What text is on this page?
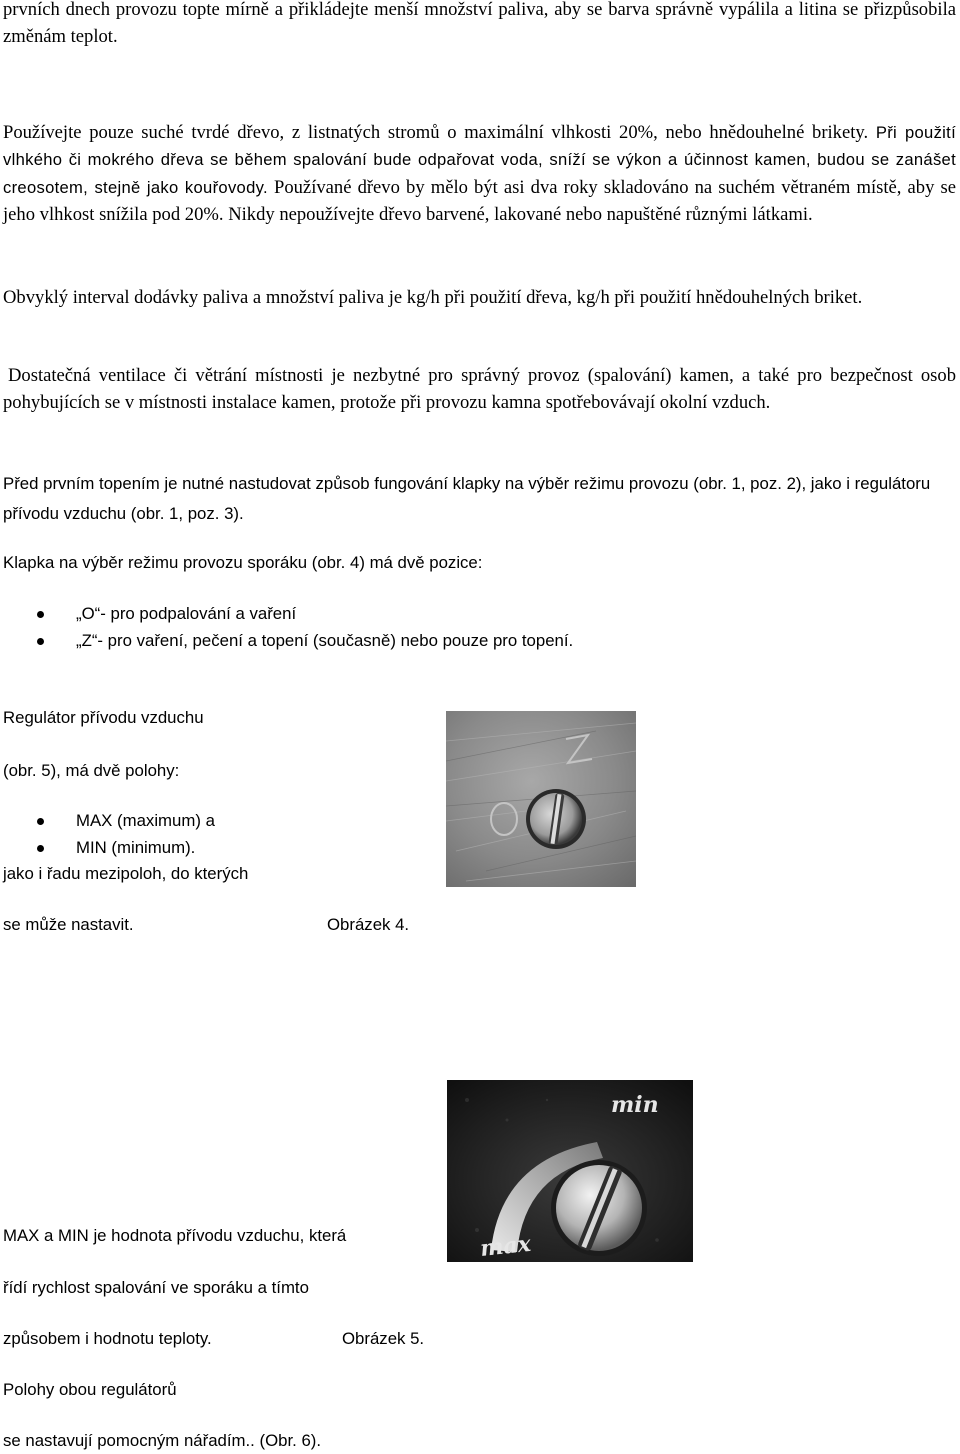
prvních dnech provozu topte mírně a přikládejte menší množství paliva, aby se barva správně vypálila a litina se přizpůsobila změnám teplot.

Používejte pouze suché tvrdé dřevo, z listnatých stromů o maximální vlhkosti 20%, nebo hnědouhelné brikety. Při použití vlhkého či mokrého dřeva se během spalování bude odpařovat voda, sníží se výkon a účinnost kamen, budou se zanášet creosotem, stejně jako kouřovody. Používané dřevo by mělo být asi dva roky skladováno na suchém větraném místě, aby se jeho vlhkost snížila pod 20%. Nikdy nepoužívejte dřevo barvené, lakované nebo napuštěné různými látkami.

Obvyklý interval dodávky paliva a množství paliva je kg/h při použití dřeva, kg/h při použití hnědouhelných briket.

Dostatečná ventilace či větrání místnosti je nezbytné pro správný provoz (spalování) kamen, a také pro bezpečnost osob pohybujících se v místnosti instalace kamen, protože při provozu kamna spotřebovávají okolní vzduch.

Před prvním topením je nutné nastudovat způsob fungování klapky na výběr režimu provozu (obr. 1, poz. 2), jako i regulátoru přívodu vzduchu (obr. 1, poz. 3).

Klapka na výběr režimu provozu sporáku (obr. 4) má dvě pozice:

„O“- pro podpalování a vaření
„Z“- pro vaření, pečení a topení (současně) nebo pouze pro topení.

Regulátor přívodu vzduchu

(obr. 5), má dvě polohy:

MAX (maximum) a
MIN (minimum).

jako i řadu mezipoloh, do kterých

se může nastavit.	Obrázek 4.

min
max

MAX a MIN je hodnota přívodu vzduchu, která

řídí rychlost spalování ve sporáku a tímto

způsobem i hodnotu teploty.	Obrázek 5.

Polohy obou regulátorů

se nastavují pomocným nářadím.. (Obr. 6).
